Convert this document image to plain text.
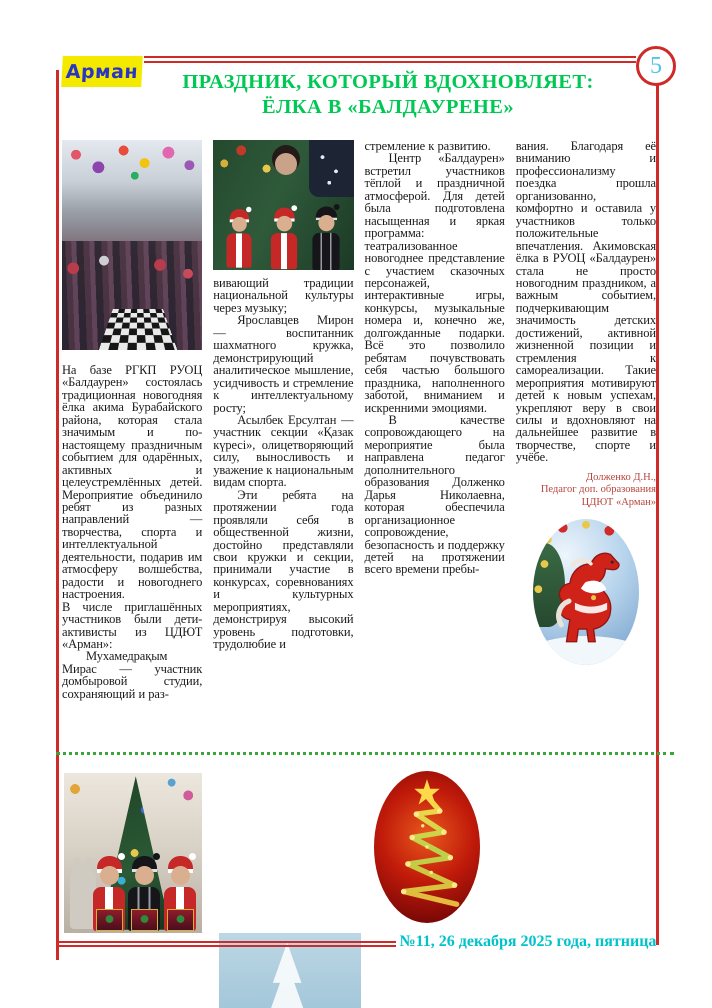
Арман	5
ПРАЗДНИК, КОТОРЫЙ ВДОХНОВЛЯЕТ:
ЁЛКА В «БАЛДАУРЕНЕ»

На базе РГКП РУОЦ «Балдаурен» состоялась традиционная новогодняя ёлка акима Бурабайского района, которая стала значимым и по-настоящему праздничным событием для одарённых, активных и целеустремлённых детей. Мероприятие объединило ребят из разных направлений — творчества, спорта и интеллектуальной деятельности, подарив им атмосферу волшебства, радости и новогоднего настроения.

В числе приглашённых участников были дети-активисты из ЦДЮТ «Арман»:

Мухамедрақым Мирас — участник домбыровой студии, сохраняющий и раз-

вивающий традиции национальной культуры через музыку;

Ярославцев Мирон — воспитанник шахматного кружка, демонстрирующий аналитическое мышление, усидчивость и стремление к интеллектуальному росту;

Асылбек Ерсултан — участник секции «Қазак күресі», олицетворяющий силу, выносливость и уважение к национальным видам спорта.

Эти ребята на протяжении года проявляли себя в общественной жизни, достойно представляли свои кружки и секции, принимали участие в конкурсах, соревнованиях и культурных мероприятиях, демонстрируя высокий уровень подготовки, трудолюбие и

стремление к развитию.

Центр «Балдаурен» встретил участников тёплой и праздничной атмосферой. Для детей была подготовлена насыщенная и яркая программа: театрализованное новогоднее представление с участием сказочных персонажей, интерактивные игры, конкурсы, музыкальные номера и, конечно же, долгожданные подарки. Всё это позволило ребятам почувствовать себя частью большого праздника, наполненного заботой, вниманием и искренними эмоциями.

В качестве сопровождающего на мероприятие была направлена педагог дополнительного образования Долженко Дарья Николаевна, которая обеспечила организационное сопровождение, безопасность и поддержку детей на протяжении всего времени пребы-

вания. Благодаря её вниманию и профессионализму поездка прошла организованно, комфортно и оставила у участников только положительные впечатления. Акимовская ёлка в РУОЦ «Балдаурен» стала не просто новогодним праздником, а важным событием, подчеркивающим значимость детских достижений, активной жизненной позиции и стремления к самореализации. Такие мероприятия мотивируют детей к новым успехам, укрепляют веру в свои силы и вдохновляют на дальнейшее развитие в творчестве, спорте и учёбе.

Долженко Д.Н.,
Педагог доп. образования
ЦДЮТ «Арман»
№11, 26 декабря 2025 года, пятница
